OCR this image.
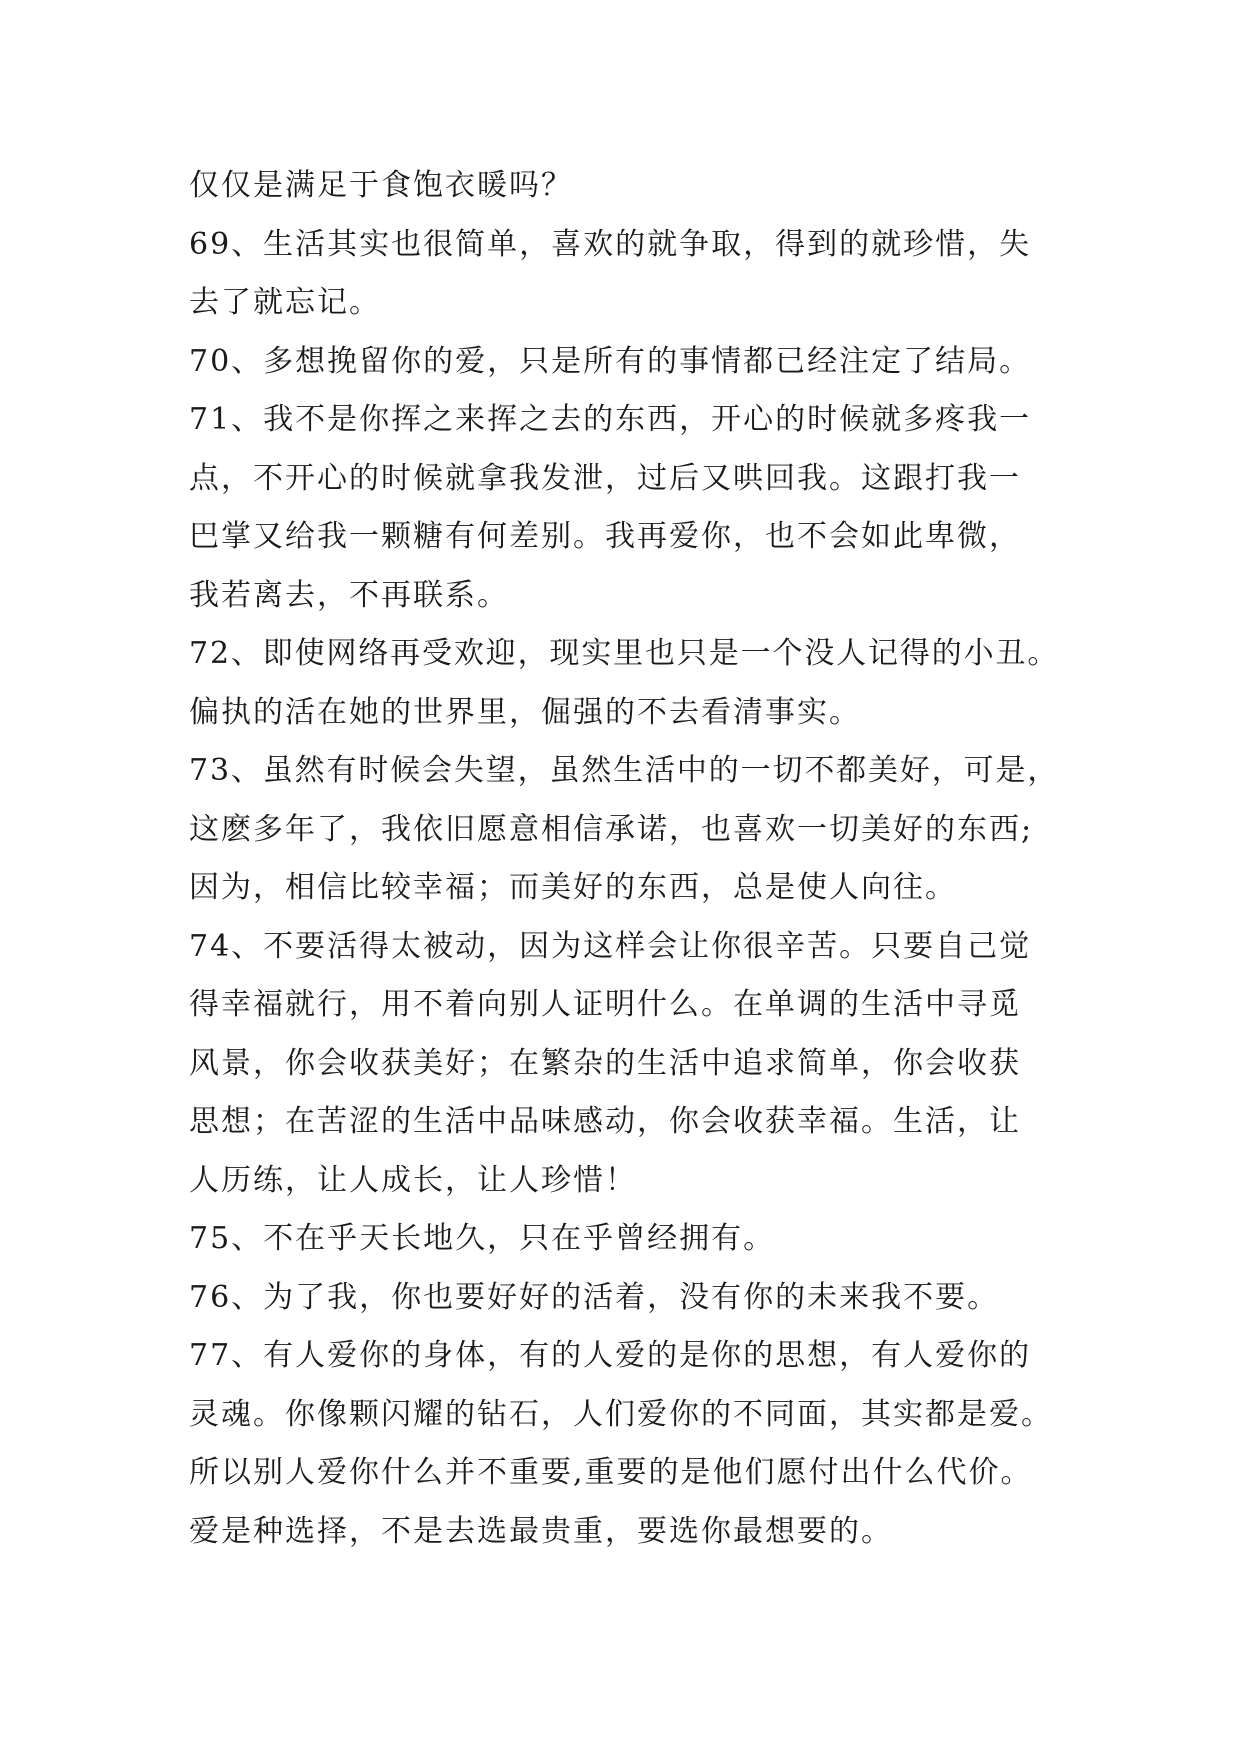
仅仅是满足于食饱衣暖吗？
69、生活其实也很简单，喜欢的就争取，得到的就珍惜，失
去了就忘记。
70、多想挽留你的爱，只是所有的事情都已经注定了结局。
71、我不是你挥之来挥之去的东西，开心的时候就多疼我一
点，不开心的时候就拿我发泄，过后又哄回我。这跟打我一
巴掌又给我一颗糖有何差别。我再爱你，也不会如此卑微，
我若离去，不再联系。
72、即使网络再受欢迎，现实里也只是一个没人记得的小丑。
偏执的活在她的世界里，倔强的不去看清事实。
73、虽然有时候会失望，虽然生活中的一切不都美好，可是，
这麽多年了，我依旧愿意相信承诺，也喜欢一切美好的东西;
因为，相信比较幸福；而美好的东西，总是使人向往。
74、不要活得太被动，因为这样会让你很辛苦。只要自己觉
得幸福就行，用不着向别人证明什么。在单调的生活中寻觅
风景，你会收获美好；在繁杂的生活中追求简单，你会收获
思想；在苦涩的生活中品味感动，你会收获幸福。生活，让
人历练，让人成长，让人珍惜！
75、不在乎天长地久，只在乎曾经拥有。
76、为了我，你也要好好的活着，没有你的未来我不要。
77、有人爱你的身体，有的人爱的是你的思想，有人爱你的
灵魂。你像颗闪耀的钻石，人们爱你的不同面，其实都是爱。
所以别人爱你什么并不重要,重要的是他们愿付出什么代价。
爱是种选择，不是去选最贵重，要选你最想要的。
